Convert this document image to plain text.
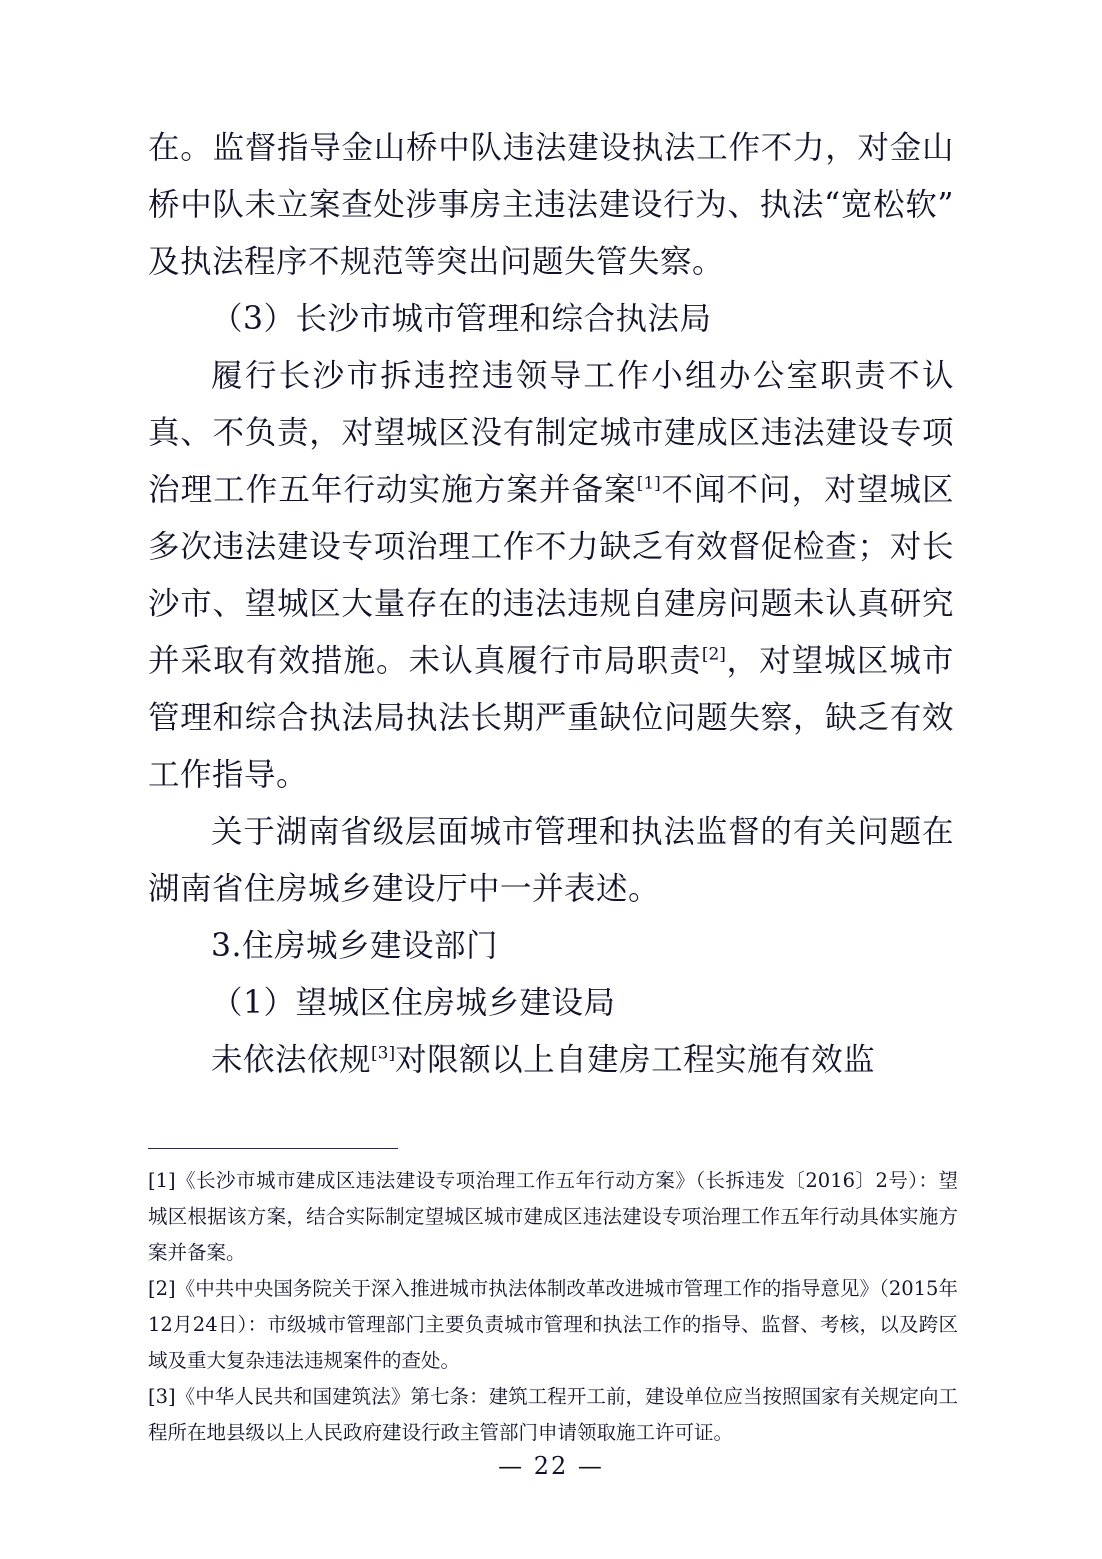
在。监督指导金山桥中队违法建设执法工作不力，对金山桥中队未立案查处涉事房主违法建设行为、执法“宽松软”及执法程序不规范等突出问题失管失察。

（3）长沙市城市管理和综合执法局

履行长沙市拆违控违领导工作小组办公室职责不认真、不负责，对望城区没有制定城市建成区违法建设专项治理工作五年行动实施方案并备案[1]不闻不问，对望城区多次违法建设专项治理工作不力缺乏有效督促检查；对长沙市、望城区大量存在的违法违规自建房问题未认真研究并采取有效措施。未认真履行市局职责[2]，对望城区城市管理和综合执法局执法长期严重缺位问题失察，缺乏有效工作指导。

关于湖南省级层面城市管理和执法监督的有关问题在湖南省住房城乡建设厅中一并表述。

3.住房城乡建设部门

（1）望城区住房城乡建设局

未依法依规[3]对限额以上自建房工程实施有效监

[1]《长沙市城市建成区违法建设专项治理工作五年行动方案》（长拆违发〔2016〕2号）：望城区根据该方案，结合实际制定望城区城市建成区违法建设专项治理工作五年行动具体实施方案并备案。

[2]《中共中央国务院关于深入推进城市执法体制改革改进城市管理工作的指导意见》（2015年12月24日）：市级城市管理部门主要负责城市管理和执法工作的指导、监督、考核，以及跨区域及重大复杂违法违规案件的查处。

[3]《中华人民共和国建筑法》第七条：建筑工程开工前，建设单位应当按照国家有关规定向工程所在地县级以上人民政府建设行政主管部门申请领取施工许可证。

— 22 —
